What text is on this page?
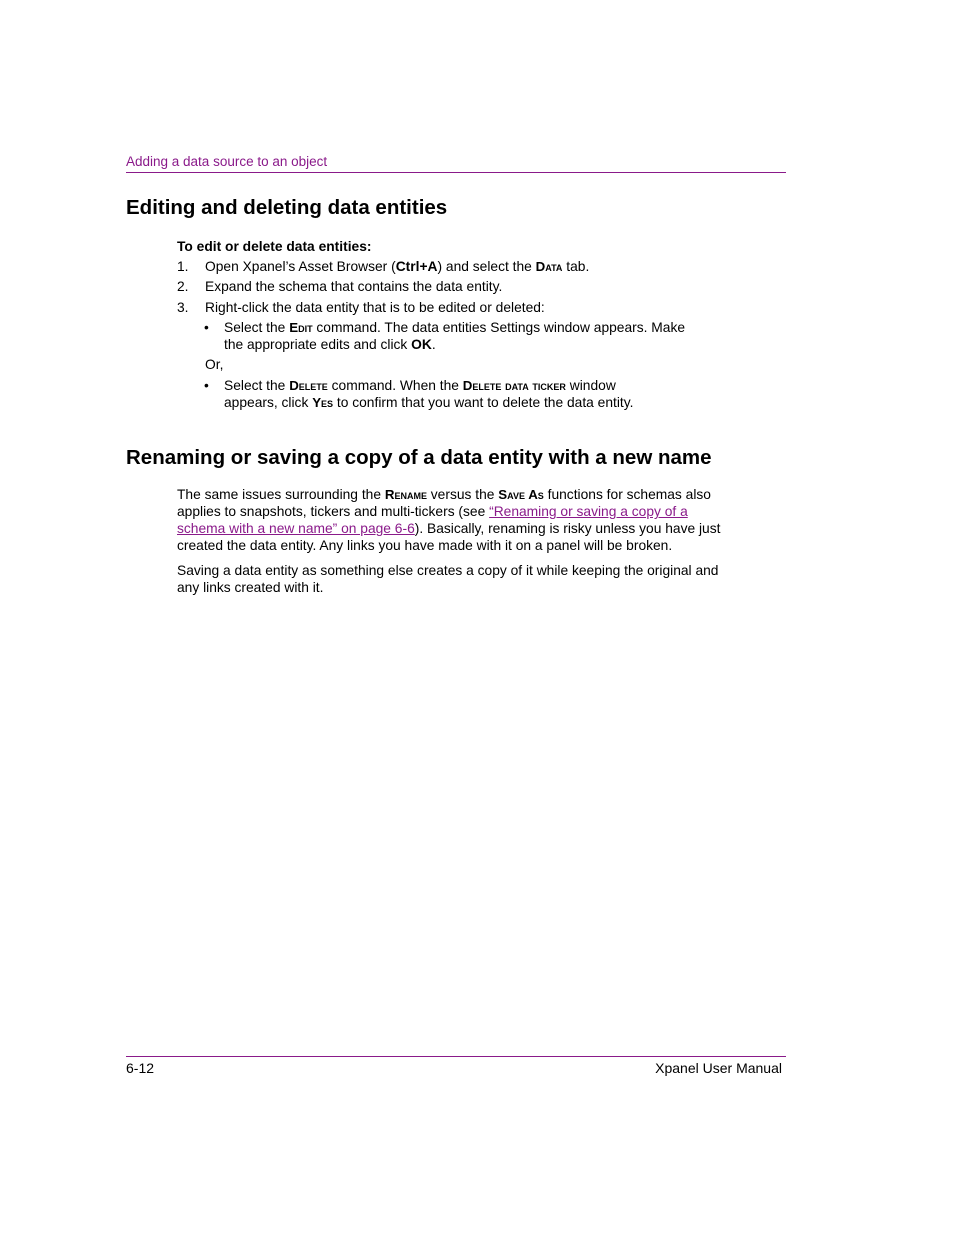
Adding a data source to an object
Editing and deleting data entities
To edit or delete data entities:
1.	Open Xpanel’s Asset Browser (Ctrl+A) and select the Data tab.
2.	Expand the schema that contains the data entity.
3.	Right-click the data entity that is to be edited or deleted:
• Select the Edit command. The data entities Settings window appears. Make
the appropriate edits and click OK.
Or,
• Select the Delete command. When the Delete data ticker window
appears, click Yes to confirm that you want to delete the data entity.
Renaming or saving a copy of a data entity with a new name
The same issues surrounding the Rename versus the Save As functions for schemas also
applies to snapshots, tickers and multi-tickers (see “Renaming or saving a copy of a
schema with a new name” on page 6-6). Basically, renaming is risky unless you have just
created the data entity. Any links you have made with it on a panel will be broken.
Saving a data entity as something else creates a copy of it while keeping the original and
any links created with it.
6-12	Xpanel User Manual
